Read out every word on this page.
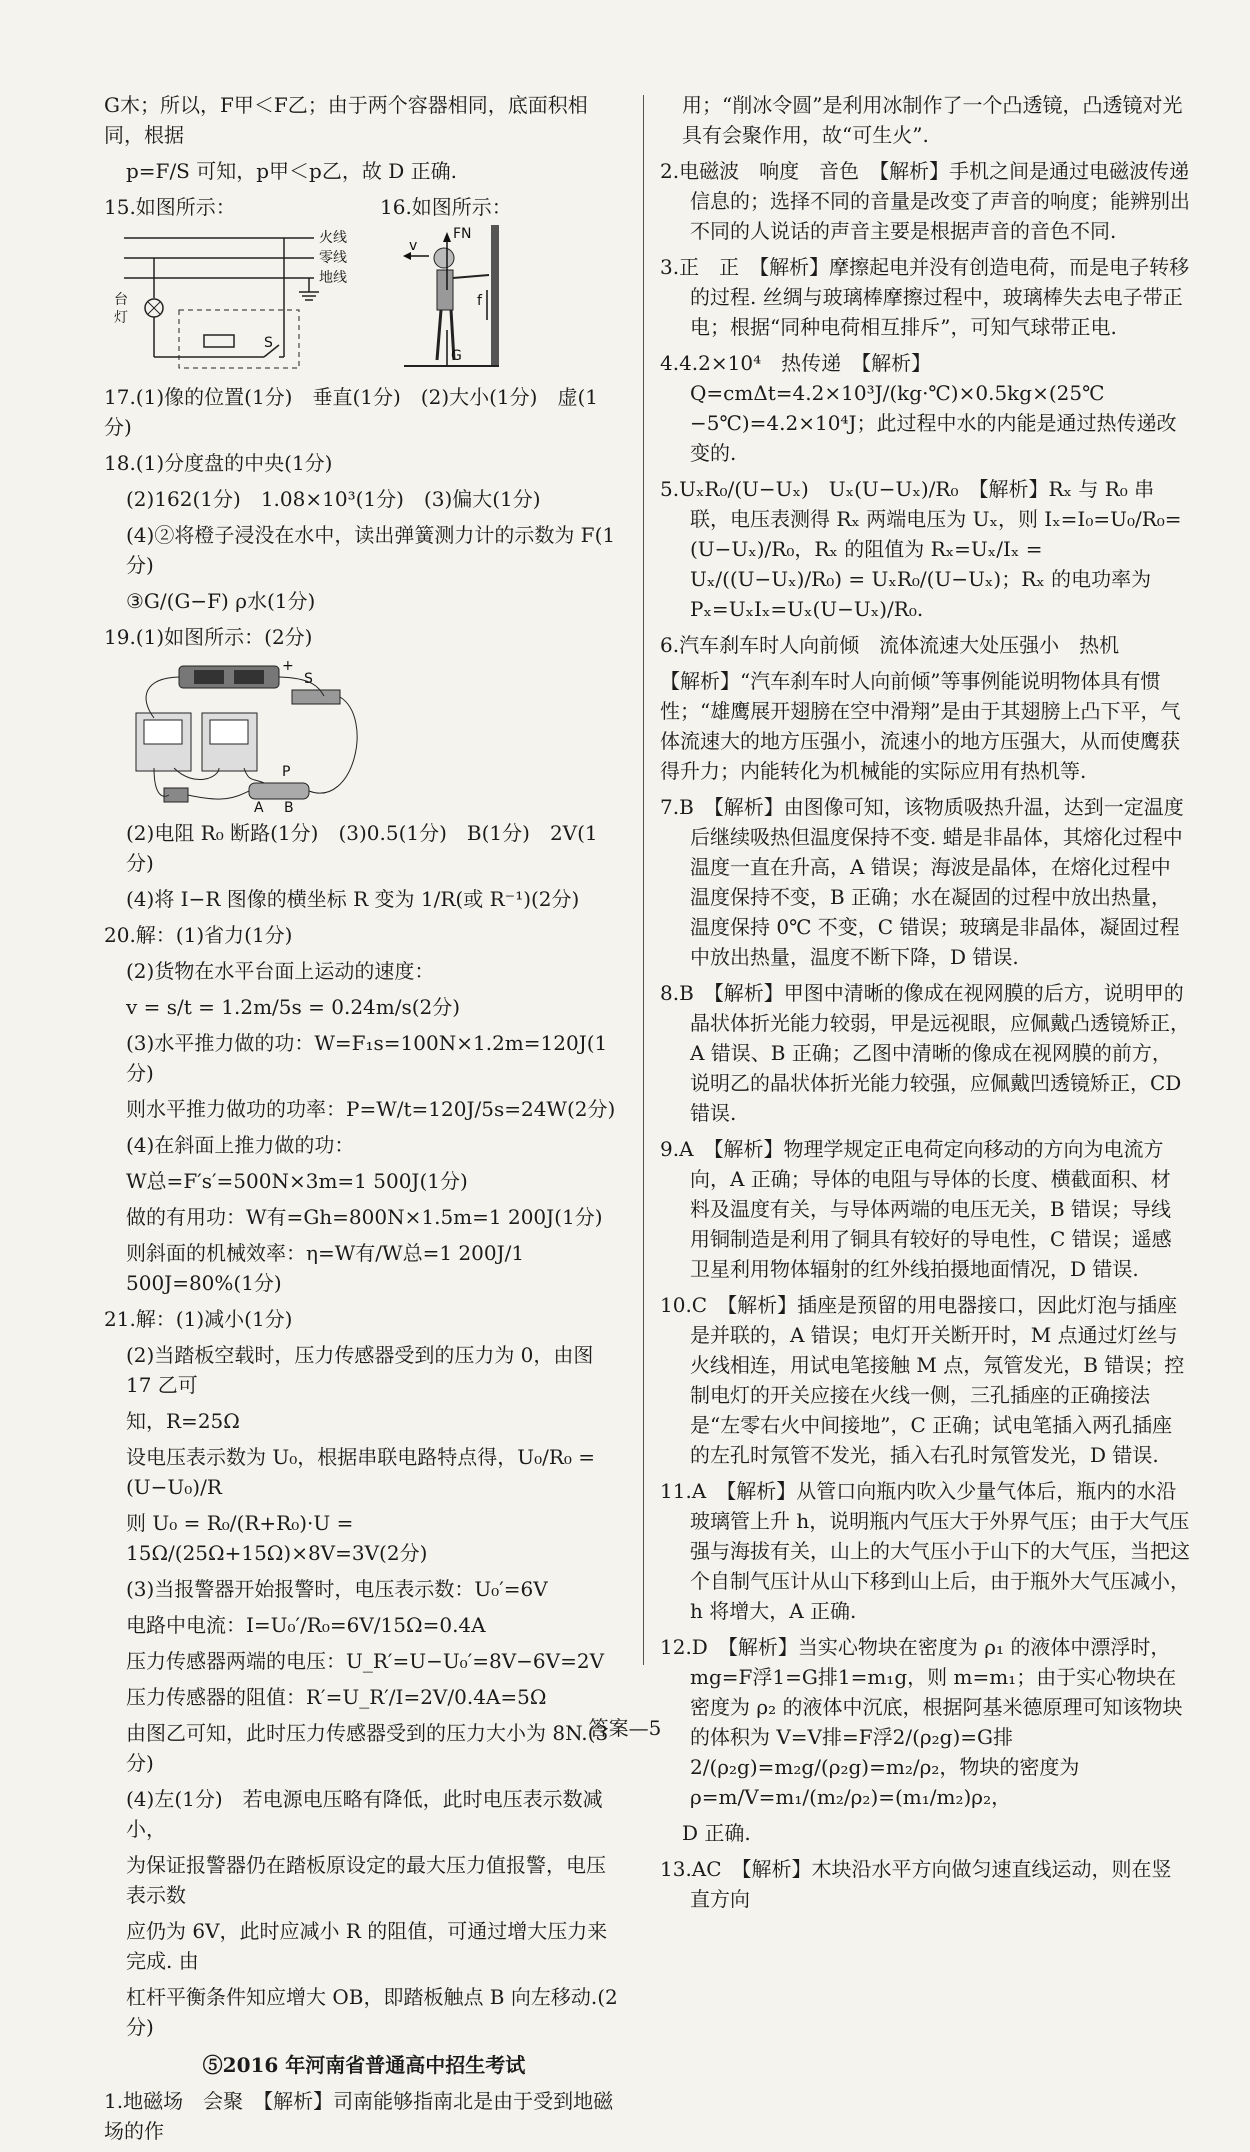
G木；所以，F甲＜F乙；由于两个容器相同，底面积相同，根据

p=F/S 可知，p甲＜p乙，故 D 正确.

15.如图所示：	16.如图所示：
火线
零线
地线
台
灯
S
v
FN
f
G

17.(1)像的位置(1分)　垂直(1分)　(2)大小(1分)　虚(1分)

18.(1)分度盘的中央(1分)

(2)162(1分)　1.08×10³(1分)　(3)偏大(1分)

(4)②将橙子浸没在水中，读出弹簧测力计的示数为 F(1分)

③G/(G−F) ρ水(1分)

19.(1)如图所示：(2分)

+
S
P
A B

(2)电阻 R₀ 断路(1分)　(3)0.5(1分)　B(1分)　2V(1分)

(4)将 I−R 图像的横坐标 R 变为 1/R(或 R⁻¹)(2分)

20.解：(1)省力(1分)

(2)货物在水平台面上运动的速度：

v = s/t = 1.2m/5s = 0.24m/s(2分)

(3)水平推力做的功：W=F₁s=100N×1.2m=120J(1分)

则水平推力做功的功率：P=W/t=120J/5s=24W(2分)

(4)在斜面上推力做的功：

W总=F′s′=500N×3m=1 500J(1分)

做的有用功：W有=Gh=800N×1.5m=1 200J(1分)

则斜面的机械效率：η=W有/W总=1 200J/1 500J=80%(1分)

21.解：(1)减小(1分)

(2)当踏板空载时，压力传感器受到的压力为 0，由图 17 乙可

知，R=25Ω

设电压表示数为 U₀，根据串联电路特点得，U₀/R₀ = (U−U₀)/R

则 U₀ = R₀/(R+R₀)·U = 15Ω/(25Ω+15Ω)×8V=3V(2分)

(3)当报警器开始报警时，电压表示数：U₀′=6V

电路中电流：I=U₀′/R₀=6V/15Ω=0.4A

压力传感器两端的电压：U_R′=U−U₀′=8V−6V=2V

压力传感器的阻值：R′=U_R′/I=2V/0.4A=5Ω

由图乙可知，此时压力传感器受到的压力大小为 8N.(3分)

(4)左(1分)　若电源电压略有降低，此时电压表示数减小，

为保证报警器仍在踏板原设定的最大压力值报警，电压表示数

应仍为 6V，此时应减小 R 的阻值，可通过增大压力来完成. 由

杠杆平衡条件知应增大 OB，即踏板触点 B 向左移动.(2分)

⑤2016 年河南省普通高中招生考试

1.地磁场　会聚　【解析】司南能够指南北是由于受到地磁场的作

用；“削冰令圆”是利用冰制作了一个凸透镜，凸透镜对光具有会聚作用，故“可生火”.

2.电磁波　响度　音色　【解析】手机之间是通过电磁波传递信息的；选择不同的音量是改变了声音的响度；能辨别出不同的人说话的声音主要是根据声音的音色不同.

3.正　正　【解析】摩擦起电并没有创造电荷，而是电子转移的过程. 丝绸与玻璃棒摩擦过程中，玻璃棒失去电子带正电；根据“同种电荷相互排斥”，可知气球带正电.

4.4.2×10⁴　热传递　【解析】Q=cmΔt=4.2×10³J/(kg·℃)×0.5kg×(25℃−5℃)=4.2×10⁴J；此过程中水的内能是通过热传递改变的.

5.UₓR₀/(U−Uₓ)　Uₓ(U−Uₓ)/R₀　【解析】Rₓ 与 R₀ 串联，电压表测得 Rₓ 两端电压为 Uₓ，则 Iₓ=I₀=U₀/R₀=(U−Uₓ)/R₀，Rₓ 的阻值为 Rₓ=Uₓ/Iₓ = Uₓ/((U−Uₓ)/R₀) = UₓR₀/(U−Uₓ)；Rₓ 的电功率为 Pₓ=UₓIₓ=Uₓ(U−Uₓ)/R₀.

6.汽车刹车时人向前倾　流体流速大处压强小　热机

【解析】“汽车刹车时人向前倾”等事例能说明物体具有惯性；“雄鹰展开翅膀在空中滑翔”是由于其翅膀上凸下平，气体流速大的地方压强小，流速小的地方压强大，从而使鹰获得升力；内能转化为机械能的实际应用有热机等.

7.B　【解析】由图像可知，该物质吸热升温，达到一定温度后继续吸热但温度保持不变. 蜡是非晶体，其熔化过程中温度一直在升高，A 错误；海波是晶体，在熔化过程中温度保持不变，B 正确；水在凝固的过程中放出热量，温度保持 0℃ 不变，C 错误；玻璃是非晶体，凝固过程中放出热量，温度不断下降，D 错误.

8.B　【解析】甲图中清晰的像成在视网膜的后方，说明甲的晶状体折光能力较弱，甲是远视眼，应佩戴凸透镜矫正，A 错误、B 正确；乙图中清晰的像成在视网膜的前方，说明乙的晶状体折光能力较强，应佩戴凹透镜矫正，CD 错误.

9.A　【解析】物理学规定正电荷定向移动的方向为电流方向，A 正确；导体的电阻与导体的长度、横截面积、材料及温度有关，与导体两端的电压无关，B 错误；导线用铜制造是利用了铜具有较好的导电性，C 错误；遥感卫星利用物体辐射的红外线拍摄地面情况，D 错误.

10.C　【解析】插座是预留的用电器接口，因此灯泡与插座是并联的，A 错误；电灯开关断开时，M 点通过灯丝与火线相连，用试电笔接触 M 点，氖管发光，B 错误；控制电灯的开关应接在火线一侧，三孔插座的正确接法是“左零右火中间接地”，C 正确；试电笔插入两孔插座的左孔时氖管不发光，插入右孔时氖管发光，D 错误.

11.A　【解析】从管口向瓶内吹入少量气体后，瓶内的水沿玻璃管上升 h，说明瓶内气压大于外界气压；由于大气压强与海拔有关，山上的大气压小于山下的大气压，当把这个自制气压计从山下移到山上后，由于瓶外大气压减小，h 将增大，A 正确.

12.D　【解析】当实心物块在密度为 ρ₁ 的液体中漂浮时，mg=F浮1=G排1=m₁g，则 m=m₁；由于实心物块在密度为 ρ₂ 的液体中沉底，根据阿基米德原理可知该物块的体积为 V=V排=F浮2/(ρ₂g)=G排2/(ρ₂g)=m₂g/(ρ₂g)=m₂/ρ₂，物块的密度为 ρ=m/V=m₁/(m₂/ρ₂)=(m₁/m₂)ρ₂，

D 正确.

13.AC　【解析】木块沿水平方向做匀速直线运动，则在竖直方向

答案—5
